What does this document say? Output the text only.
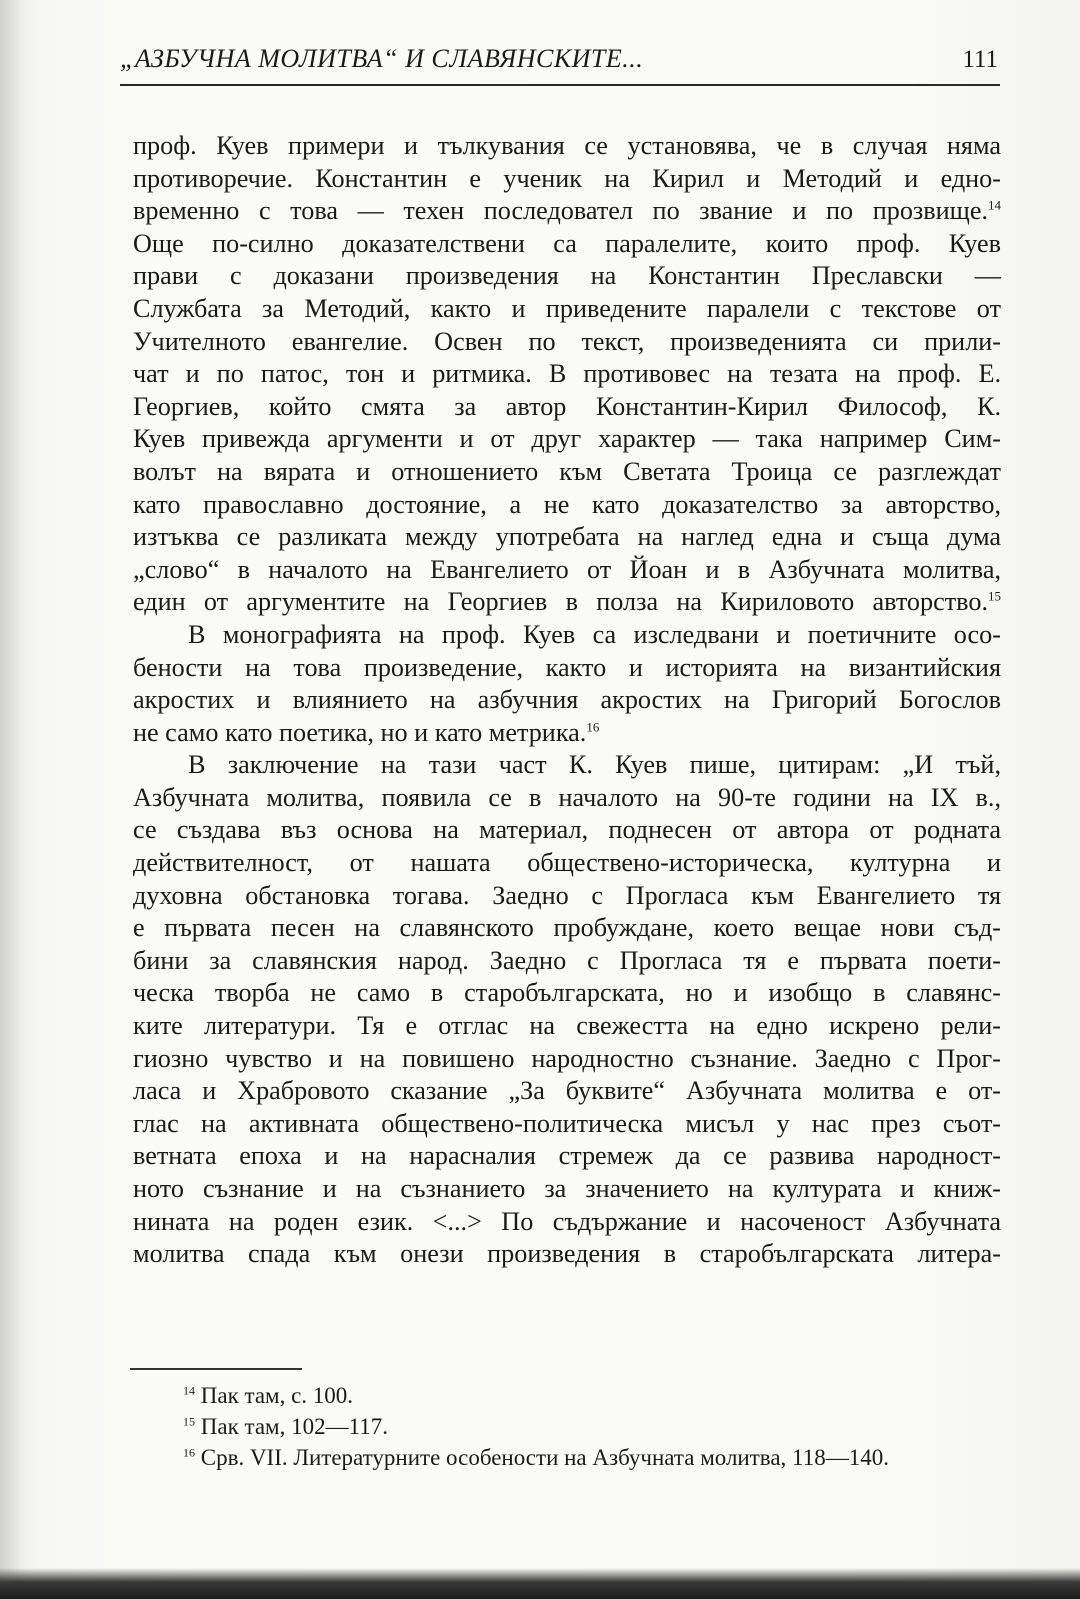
„АЗБУЧНА МОЛИТВА“ И СЛАВЯНСКИТЕ...	111
проф. Куев примери и тълкувания се установява, че в случая няма
противоречие. Константин е ученик на Кирил и Методий и едно-
временно с това — техен последовател по звание и по прозвище.$^{14}$
Още по-силно доказателствени са паралелите, които проф. Куев
прави с доказани произведения на Константин Преславски —
Службата за Методий, както и приведените паралели с текстове от
Учителното евангелие. Освен по текст, произведенията си прили-
чат и по патос, тон и ритмика. В противовес на тезата на проф. Е.
Георгиев, който смята за автор Константин-Кирил Философ, К.
Куев привежда аргументи и от друг характер — така например Сим-
волът на вярата и отношението към Светата Троица се разглеждат
като православно достояние, а не като доказателство за авторство,
изтъква се разликата между употребата на наглед една и съща дума
„слово“ в началото на Евангелието от Йоан и в Азбучната молитва,
един от аргументите на Георгиев в полза на Кириловото авторство.$^{15}$
В монографията на проф. Куев са изследвани и поетичните осо-
бености на това произведение, както и историята на византийския
акростих и влиянието на азбучния акростих на Григорий Богослов
не само като поетика, но и като метрика.$^{16}$
В заключение на тази част К. Куев пише, цитирам: „И тъй,
Азбучната молитва, появила се в началото на 90-те години на IX в.,
се създава въз основа на материал, поднесен от автора от родната
действителност, от нашата обществено-историческа, културна и
духовна обстановка тогава. Заедно с Прогласа към Евангелието тя
е първата песен на славянското пробуждане, което вещае нови съд-
бини за славянския народ. Заедно с Прогласа тя е първата поети-
ческа творба не само в старобългарската, но и изобщо в славянс-
ките литератури. Тя е отглас на свежестта на едно искрено рели-
гиозно чувство и на повишено народностно съзнание. Заедно с Прог-
ласа и Храбровото сказание „За буквите“ Азбучната молитва е от-
глас на активната обществено-политическа мисъл у нас през съот-
ветната епоха и на нараснaлия стремеж да се развива народност-
ното съзнание и на съзнанието за значението на културата и книж-
нината на роден език. <...> По съдържание и насоченост Азбучната
молитва спада към онези произведения в старобългарската литера-
$^{14}$ Пак там, с. 100.
$^{15}$ Пак там, 102—117.
$^{16}$ Срв. VII. Литературните особености на Азбучната молитва, 118—140.
